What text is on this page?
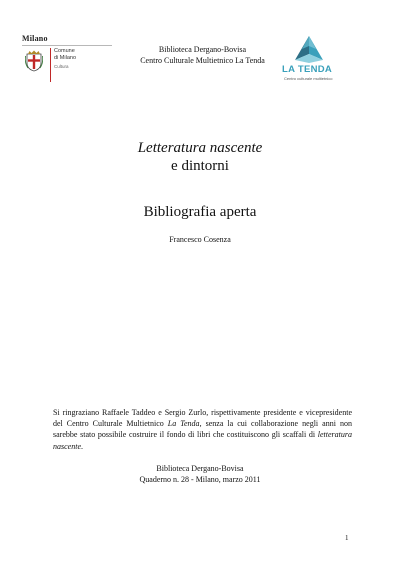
Milano
Comune
di Milano
Cultura
Biblioteca Dergano-Bovisa
Centro Culturale Multietnico La Tenda
LA TENDA
Centro culturale multietnico
Letteratura nascente
e dintorni
Bibliografia aperta
Francesco Cosenza

Si ringraziano Raffaele Taddeo e Sergio Zurlo, rispettivamente presidente e vicepresidente del Centro Culturale Multietnico La Tenda, senza la cui collaborazione negli anni non sarebbe stato possibile costruire il fondo di libri che costituiscono gli scaffali di letteratura nascente.

Biblioteca Dergano-Bovisa
Quaderno n. 28 - Milano, marzo 2011
1
